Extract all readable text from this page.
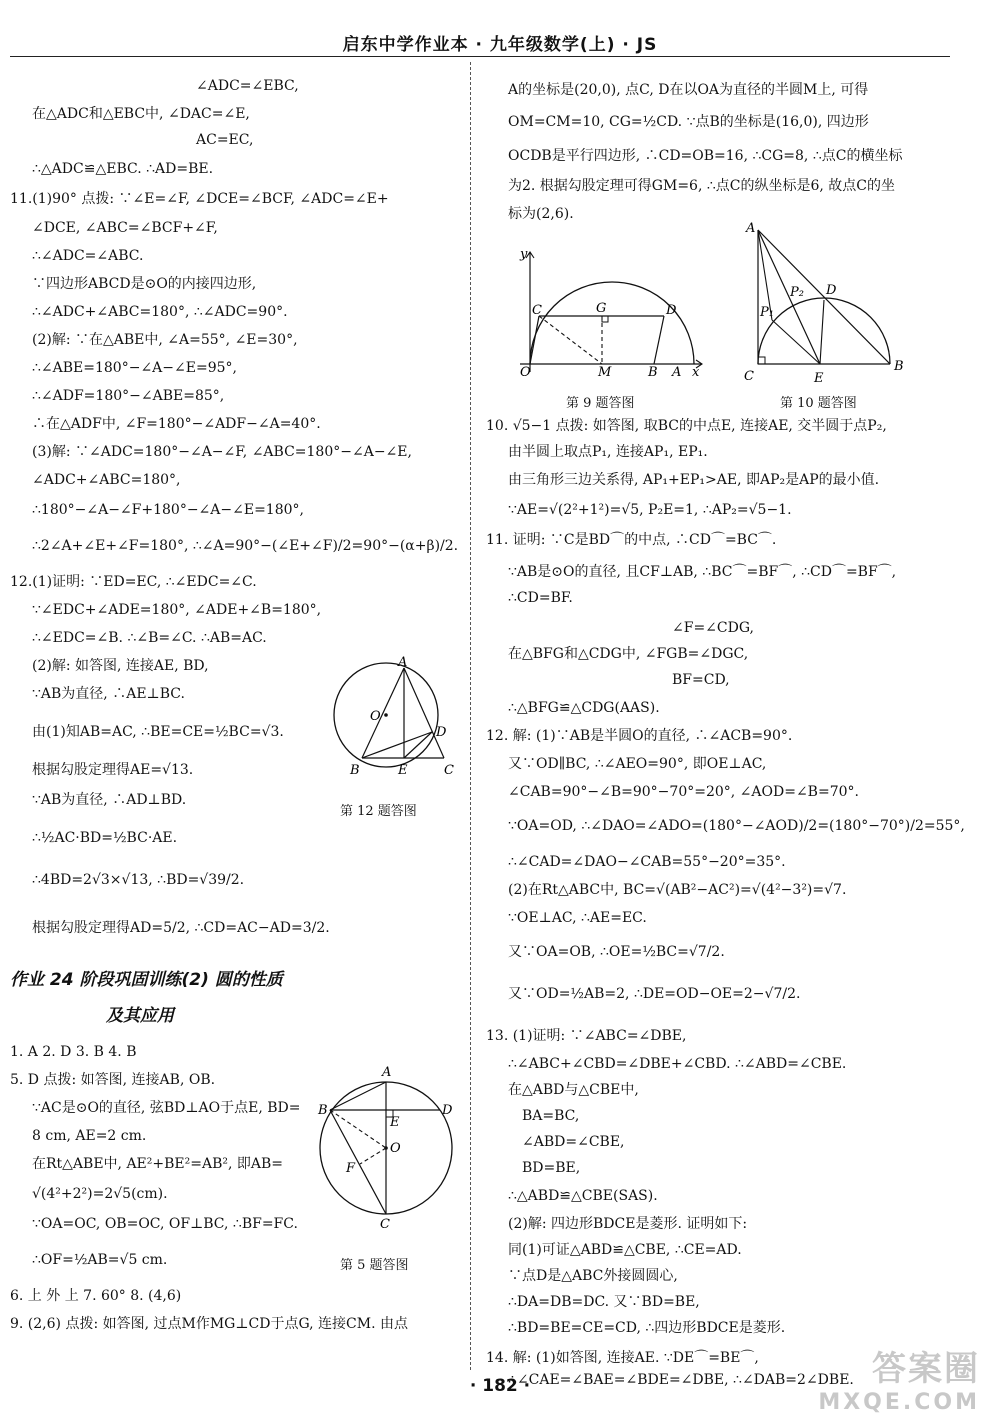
启东中学作业本 · 九年级数学(上) · JS
∠ADC=∠EBC,
在△ADC和△EBC中, ∠DAC=∠E,
AC=EC,
∴△ADC≌△EBC. ∴AD=BE.
11.(1)90° 点拨: ∵∠E=∠F, ∠DCE=∠BCF, ∠ADC=∠E+
∠DCE, ∠ABC=∠BCF+∠F,
∴∠ADC=∠ABC.
∵四边形ABCD是⊙O的内接四边形,
∴∠ADC+∠ABC=180°, ∴∠ADC=90°.
(2)解: ∵在△ABE中, ∠A=55°, ∠E=30°,
∴∠ABE=180°−∠A−∠E=95°,
∴∠ADF=180°−∠ABE=85°,
∴在△ADF中, ∠F=180°−∠ADF−∠A=40°.
(3)解: ∵∠ADC=180°−∠A−∠F, ∠ABC=180°−∠A−∠E,
∠ADC+∠ABC=180°,
∴180°−∠A−∠F+180°−∠A−∠E=180°,
∴2∠A+∠E+∠F=180°, ∴∠A=90°−(∠E+∠F)/2=90°−(α+β)/2.
12.(1)证明: ∵ED=EC, ∴∠EDC=∠C.
∵∠EDC+∠ADE=180°, ∠ADE+∠B=180°,
∴∠EDC=∠B. ∴∠B=∠C. ∴AB=AC.
(2)解: 如答图, 连接AE, BD,
∵AB为直径, ∴AE⊥BC.
由(1)知AB=AC, ∴BE=CE=½BC=√3.
根据勾股定理得AE=√13.
∵AB为直径, ∴AD⊥BD.
∴½AC·BD=½BC·AE.
∴4BD=2√3×√13, ∴BD=√39/2.
根据勾股定理得AD=5/2, ∴CD=AC−AD=3/2.
作业 24 阶段巩固训练(2) 圆的性质
及其应用
1. A 2. D 3. B 4. B
5. D 点拨: 如答图, 连接AB, OB.
∵AC是⊙O的直径, 弦BD⊥AO于点E, BD=
8 cm, AE=2 cm.
在Rt△ABE中, AE²+BE²=AB², 即AB=
√(4²+2²)=2√5(cm).
∵OA=OC, OB=OC, OF⊥BC, ∴BF=FC.
∴OF=½AB=√5 cm.
6. 上 外 上 7. 60° 8. (4,6)
9. (2,6) 点拨: 如答图, 过点M作MG⊥CD于点G, 连接CM. 由点
A
O
D
B	E	C
第 12 题答图
A
B	D
E
O
F
C
第 5 题答图
A的坐标是(20,0), 点C, D在以OA为直径的半圆M上, 可得
OM=CM=10, CG=½CD. ∵点B的坐标是(16,0), 四边形
OCDB是平行四边形, ∴CD=OB=16, ∴CG=8, ∴点C的横坐标
为2. 根据勾股定理可得GM=6, ∴点C的纵坐标是6, 故点C的坐
标为(2,6).
10. √5−1 点拨: 如答图, 取BC的中点E, 连接AE, 交半圆于点P₂,
由半圆上取点P₁, 连接AP₁, EP₁.
由三角形三边关系得, AP₁+EP₁>AE, 即AP₂是AP的最小值.
∵AE=√(2²+1²)=√5, P₂E=1, ∴AP₂=√5−1.
11. 证明: ∵C是BD⌒的中点, ∴CD⌒=BC⌒.
∵AB是⊙O的直径, 且CF⊥AB, ∴BC⌒=BF⌒, ∴CD⌒=BF⌒,
∴CD=BF.
∠F=∠CDG,
在△BFG和△CDG中, ∠FGB=∠DGC,
BF=CD,
∴△BFG≌△CDG(AAS).
12. 解: (1)∵AB是半圆O的直径, ∴∠ACB=90°.
又∵OD∥BC, ∴∠AEO=90°, 即OE⊥AC,
∠CAB=90°−∠B=90°−70°=20°, ∠AOD=∠B=70°.
∵OA=OD, ∴∠DAO=∠ADO=(180°−∠AOD)/2=(180°−70°)/2=55°,
∴∠CAD=∠DAO−∠CAB=55°−20°=35°.
(2)在Rt△ABC中, BC=√(AB²−AC²)=√(4²−3²)=√7.
∵OE⊥AC, ∴AE=EC.
又∵OA=OB, ∴OE=½BC=√7/2.
又∵OD=½AB=2, ∴DE=OD−OE=2−√7/2.
13. (1)证明: ∵∠ABC=∠DBE,
∴∠ABC+∠CBD=∠DBE+∠CBD. ∴∠ABD=∠CBE.
在△ABD与△CBE中,
BA=BC,
∠ABD=∠CBE,
BD=BE,
∴△ABD≌△CBE(SAS).
(2)解: 四边形BDCE是菱形. 证明如下:
同(1)可证△ABD≌△CBE, ∴CE=AD.
∵点D是△ABC外接圆圆心,
∴DA=DB=DC. 又∵BD=BE,
∴BD=BE=CE=CD, ∴四边形BDCE是菱形.
14. 解: (1)如答图, 连接AE. ∵DE⌒=BE⌒,
∴∠CAE=∠BAE=∠BDE=∠DBE, ∴∠DAB=2∠DBE.
y
C	G	D
O	M	B A x
第 9 题答图
A
P₂ D
P₁
C	E
B
第 10 题答图
· 182 ·	答案圈
MXQE.COM
